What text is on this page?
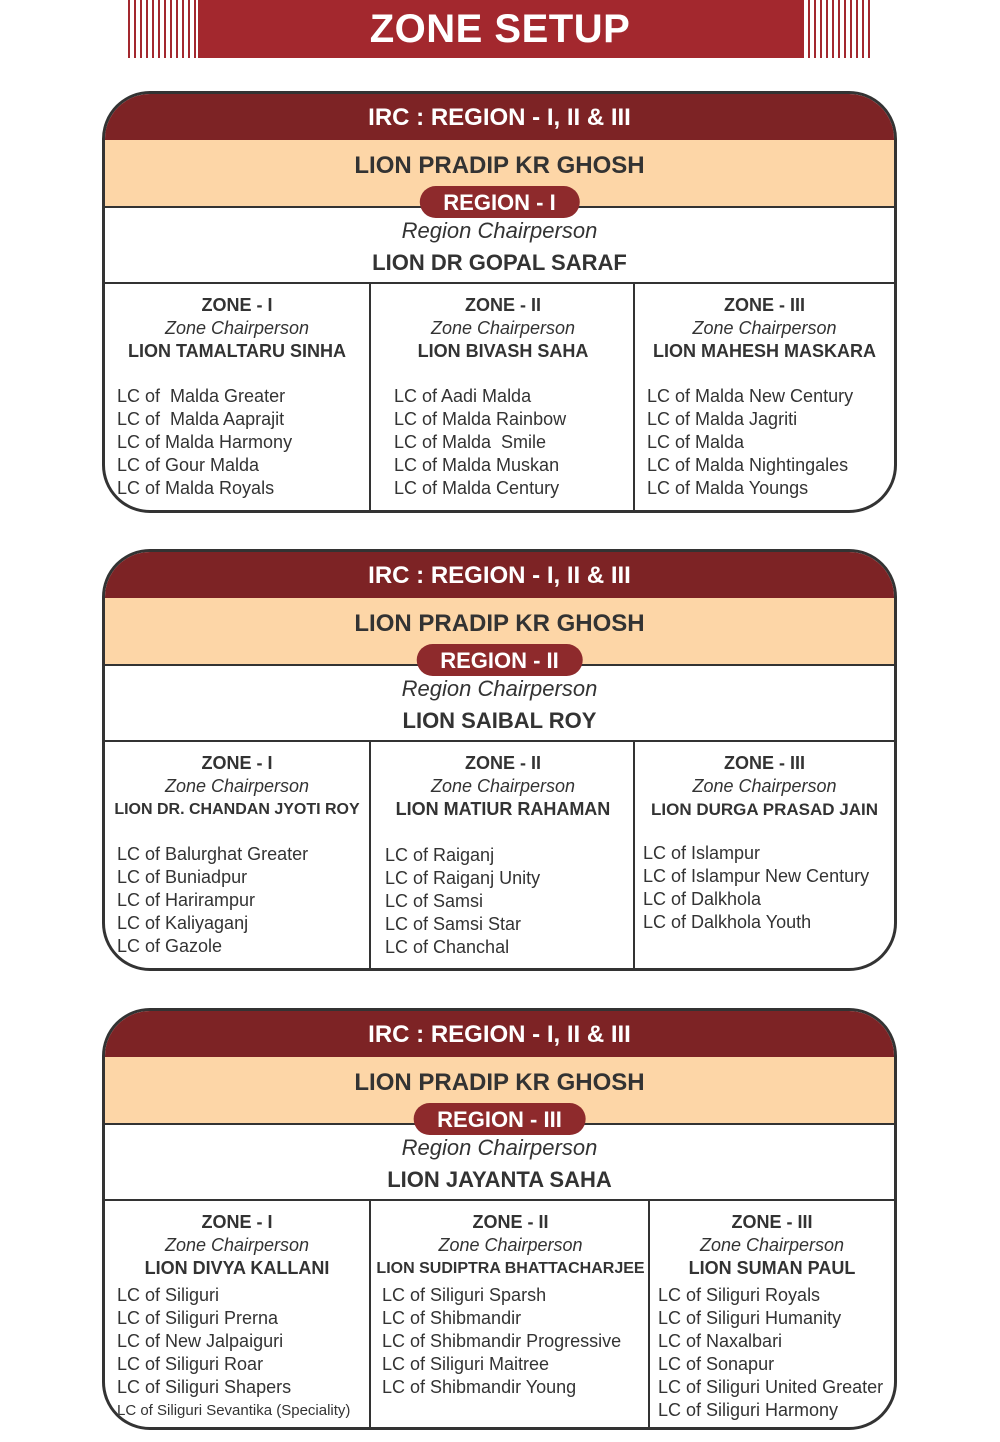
ZONE SETUP
IRC : REGION - I, II & III
LION PRADIP KR GHOSH
REGION - I
Region Chairperson
LION DR GOPAL SARAF
ZONE - I
Zone Chairperson
LION TAMALTARU SINHA
LC of  Malda Greater
LC of  Malda Aaprajit
LC of Malda Harmony
LC of Gour Malda
LC of Malda Royals
ZONE - II
Zone Chairperson
LION BIVASH SAHA
LC of Aadi Malda
LC of Malda Rainbow
LC of Malda  Smile
LC of Malda Muskan
LC of Malda Century
ZONE - III
Zone Chairperson
LION MAHESH MASKARA
LC of Malda New Century
LC of Malda Jagriti
LC of Malda
LC of Malda Nightingales
LC of Malda Youngs
IRC : REGION - I, II & III
LION PRADIP KR GHOSH
REGION - II
Region Chairperson
LION SAIBAL ROY
ZONE - I
Zone Chairperson
LION DR. CHANDAN JYOTI ROY
LC of Balurghat Greater
LC of Buniadpur
LC of Harirampur
LC of Kaliyaganj
LC of Gazole
ZONE - II
Zone Chairperson
LION MATIUR RAHAMAN
LC of Raiganj
LC of Raiganj Unity
LC of Samsi
LC of Samsi Star
LC of Chanchal
ZONE - III
Zone Chairperson
LION DURGA PRASAD JAIN
LC of Islampur
LC of Islampur New Century
LC of Dalkhola
LC of Dalkhola Youth
IRC : REGION - I, II & III
LION PRADIP KR GHOSH
REGION - III
Region Chairperson
LION JAYANTA SAHA
ZONE - I
Zone Chairperson
LION DIVYA KALLANI
LC of Siliguri
LC of Siliguri Prerna
LC of New Jalpaiguri
LC of Siliguri Roar
LC of Siliguri Shapers
LC of Siliguri Sevantika (Speciality)
ZONE - II
Zone Chairperson
LION SUDIPTRA BHATTACHARJEE
LC of Siliguri Sparsh
LC of Shibmandir
LC of Shibmandir Progressive
LC of Siliguri Maitree
LC of Shibmandir Young
ZONE - III
Zone Chairperson
LION SUMAN PAUL
LC of Siliguri Royals
LC of Siliguri Humanity
LC of Naxalbari
LC of Sonapur
LC of Siliguri United Greater
LC of Siliguri Harmony
